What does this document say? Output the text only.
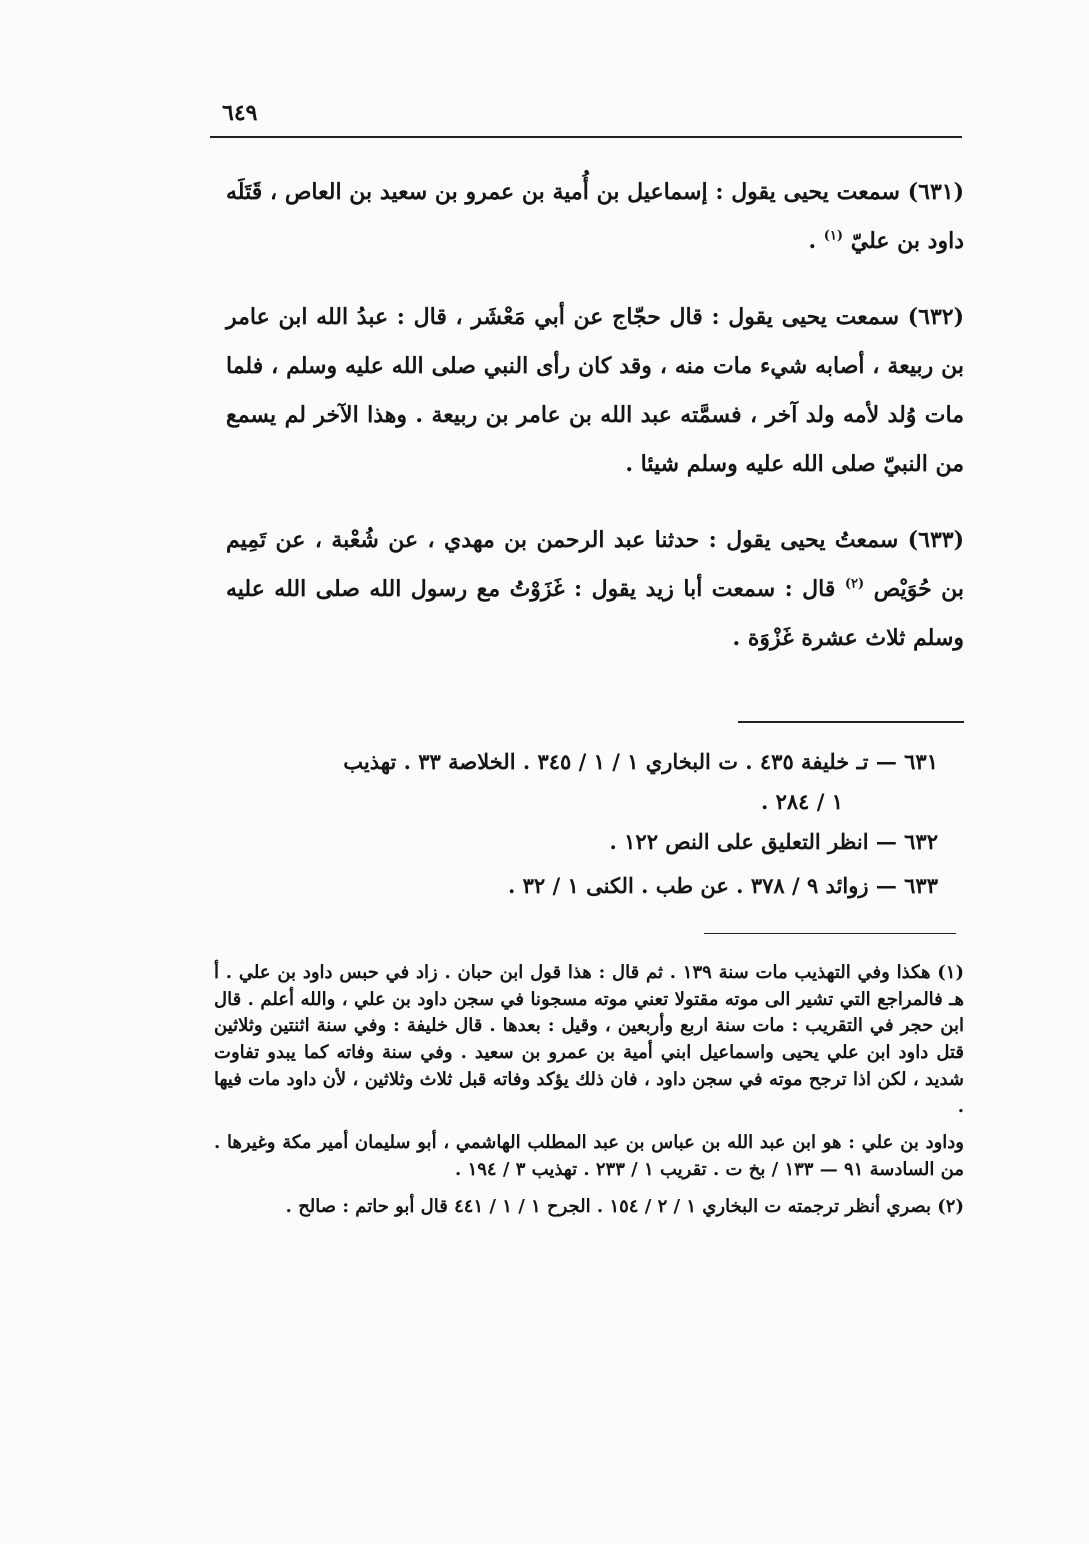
٦٤٩

(٦٣١) سمعت يحيى يقول : إسماعيل بن أُمية بن عمرو بن سعيد بن العاص ، قَتَلَه داود بن عليّ $^{(١)}$ .

(٦٣٢) سمعت يحيى يقول : قال حجّاج عن أبي مَعْشَر ، قال : عبدُ الله ابن عامر بن ربيعة ، أصابه شيء مات منه ، وقد كان رأى النبي صلى الله عليه وسلم ، فلما مات وُلد لأمه ولد آخر ، فسمَّته عبد الله بن عامر بن ربيعة . وهذا الآخر لم يسمع من النبيّ صلى الله عليه وسلم شيئا .

(٦٣٣) سمعتُ يحيى يقول : حدثنا عبد الرحمن بن مهدي ، عن شُعْبة ، عن تَمِيم بن حُوَيْص $^{(٢)}$ قال : سمعت أبا زيد يقول : غَزَوْتُ مع رسول الله صلى الله عليه وسلم ثلاث عشرة غَزْوَة .

٦٣١ — تـ خليفة ٤٣٥ . ت البخاري ١ / ١ / ٣٤٥ . الخلاصة ٣٣ . تهذيب

١ / ٢٨٤ .

٦٣٢ — انظر التعليق على النص ١٢٢ .

٦٣٣ — زوائد ٩ / ٣٧٨ . عن طب . الكنى ١ / ٣٢ .

(١) هكذا وفي التهذيب مات سنة ١٣٩ . ثم قال : هذا قول ابن حبان . زاد في حبس داود بن علي . أ هـ فالمراجع التي تشير الى موته مقتولا تعني موته مسجونا في سجن داود بن علي ، والله أعلم . قال ابن حجر في التقريب : مات سنة اربع وأربعين ، وقيل : بعدها . قال خليفة : وفي سنة اثنتين وثلاثين قتل داود ابن علي يحيى واسماعيل ابني أمية بن عمرو بن سعيد . وفي سنة وفاته كما يبدو تفاوت شديد ، لكن اذا ترجح موته في سجن داود ، فان ذلك يؤكد وفاته قبل ثلاث وثلاثين ، لأن داود مات فيها .

وداود بن علي : هو ابن عبد الله بن عباس بن عبد المطلب الهاشمي ، أبو سليمان أمير مكة وغيرها . من السادسة ٩١ — ١٣٣ / بخ ت . تقريب ١ / ٢٣٣ . تهذيب ٣ / ١٩٤ .

(٢) بصري أنظر ترجمته ت البخاري ١ / ٢ / ١٥٤ . الجرح ١ / ١ / ٤٤١ قال أبو حاتم : صالح .
